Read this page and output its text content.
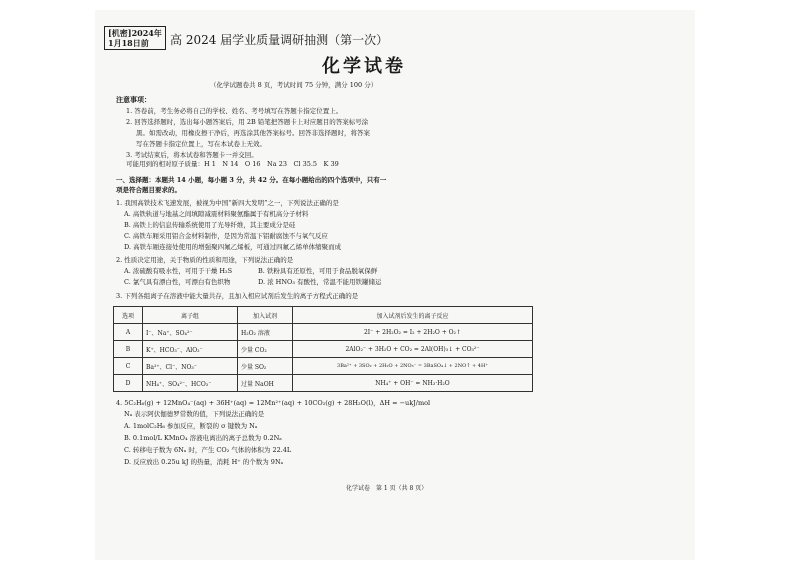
[机密]2024年
1月18日前	高 2024 届学业质量调研抽测（第一次）
化学试卷
（化学试题卷共 8 页，考试时间 75 分钟，满分 100 分）
注意事项：
1. 答卷前，考生务必将自己的学校、姓名、考号填写在答题卡指定位置上。
2. 回答选择题时，选出每小题答案后，用 2B 铅笔把答题卡上对应题目的答案标号涂
黑。如需改动，用橡皮擦干净后，再选涂其他答案标号。回答非选择题时，将答案
写在答题卡指定位置上，写在本试卷上无效。
3. 考试结束后，将本试卷和答题卡一并交回。
可能用到的相对原子质量：H 1　N 14　O 16　Na 23　Cl 35.5　K 39
一、选择题：本题共 14 小题，每小题 3 分，共 42 分。在每小题给出的四个选项中，只有一
项是符合题目要求的。
1. 我国高铁技术飞速发展，被视为中国“新四大发明”之一，下列说法正确的是
A. 高铁轨道与地基之间填隙减震材料聚氨酯属于有机高分子材料
B. 高铁上的信息传输系统使用了光导纤维，其主要成分是硅
C. 高铁车厢采用铝合金材料制作，是因为常温下铝耐腐蚀不与氧气反应
D. 高铁车厢连接处使用的增强聚四氟乙烯板，可通过四氟乙烯单体缩聚而成
2. 性质决定用途，关于物质的性质和用途，下列说法正确的是
A. 浓硫酸有吸水性，可用于干燥 H₂S	B. 铁粉具有还原性，可用于食品脱氧保鲜
C. 氯气具有漂白性，可漂白有色织物	D. 浓 HNO₃ 有酸性，常温不能用铁罐储运
3. 下列各组离子在溶液中能大量共存，且加入相应试剂后发生的离子方程式正确的是
选项	离子组	加入试剂	加入试剂后发生的离子反应
A	I⁻、Na⁺、SO₄²⁻	H₂O₂ 溶液	2I⁻ + 2H₂O₂ = I₂ + 2H₂O + O₂↑
B	K⁺、HCO₃⁻、AlO₂⁻	少量 CO₂	2AlO₂⁻ + 3H₂O + CO₂ = 2Al(OH)₃↓ + CO₃²⁻
C	Ba²⁺、Cl⁻、NO₃⁻	少量 SO₂	3Ba²⁺ + 3SO₂ + 2H₂O + 2NO₃⁻ = 3BaSO₄↓ + 2NO↑ + 4H⁺
D	NH₄⁺、SO₄²⁻、HCO₃⁻	过量 NaOH	NH₄⁺ + OH⁻ = NH₃·H₂O
4. 5C₂H₆(g) + 12MnO₄⁻(aq) + 36H⁺(aq) = 12Mn²⁺(aq) + 10CO₂(g) + 28H₂O(l)，ΔH = −ukJ/mol
Nₐ 表示阿伏伽德罗常数的值，下列说法正确的是
A. 1molC₂H₆ 参加反应，断裂的 σ 键数为 Nₐ
B. 0.1mol/L KMnO₄ 溶液电离出的离子总数为 0.2Nₐ
C. 转移电子数为 6Nₐ 时，产生 CO₂ 气体的体积为 22.4L
D. 反应放出 0.25u kJ 的热量，消耗 H⁺ 的个数为 9Nₐ
化学试卷　第 1 页（共 8 页）
